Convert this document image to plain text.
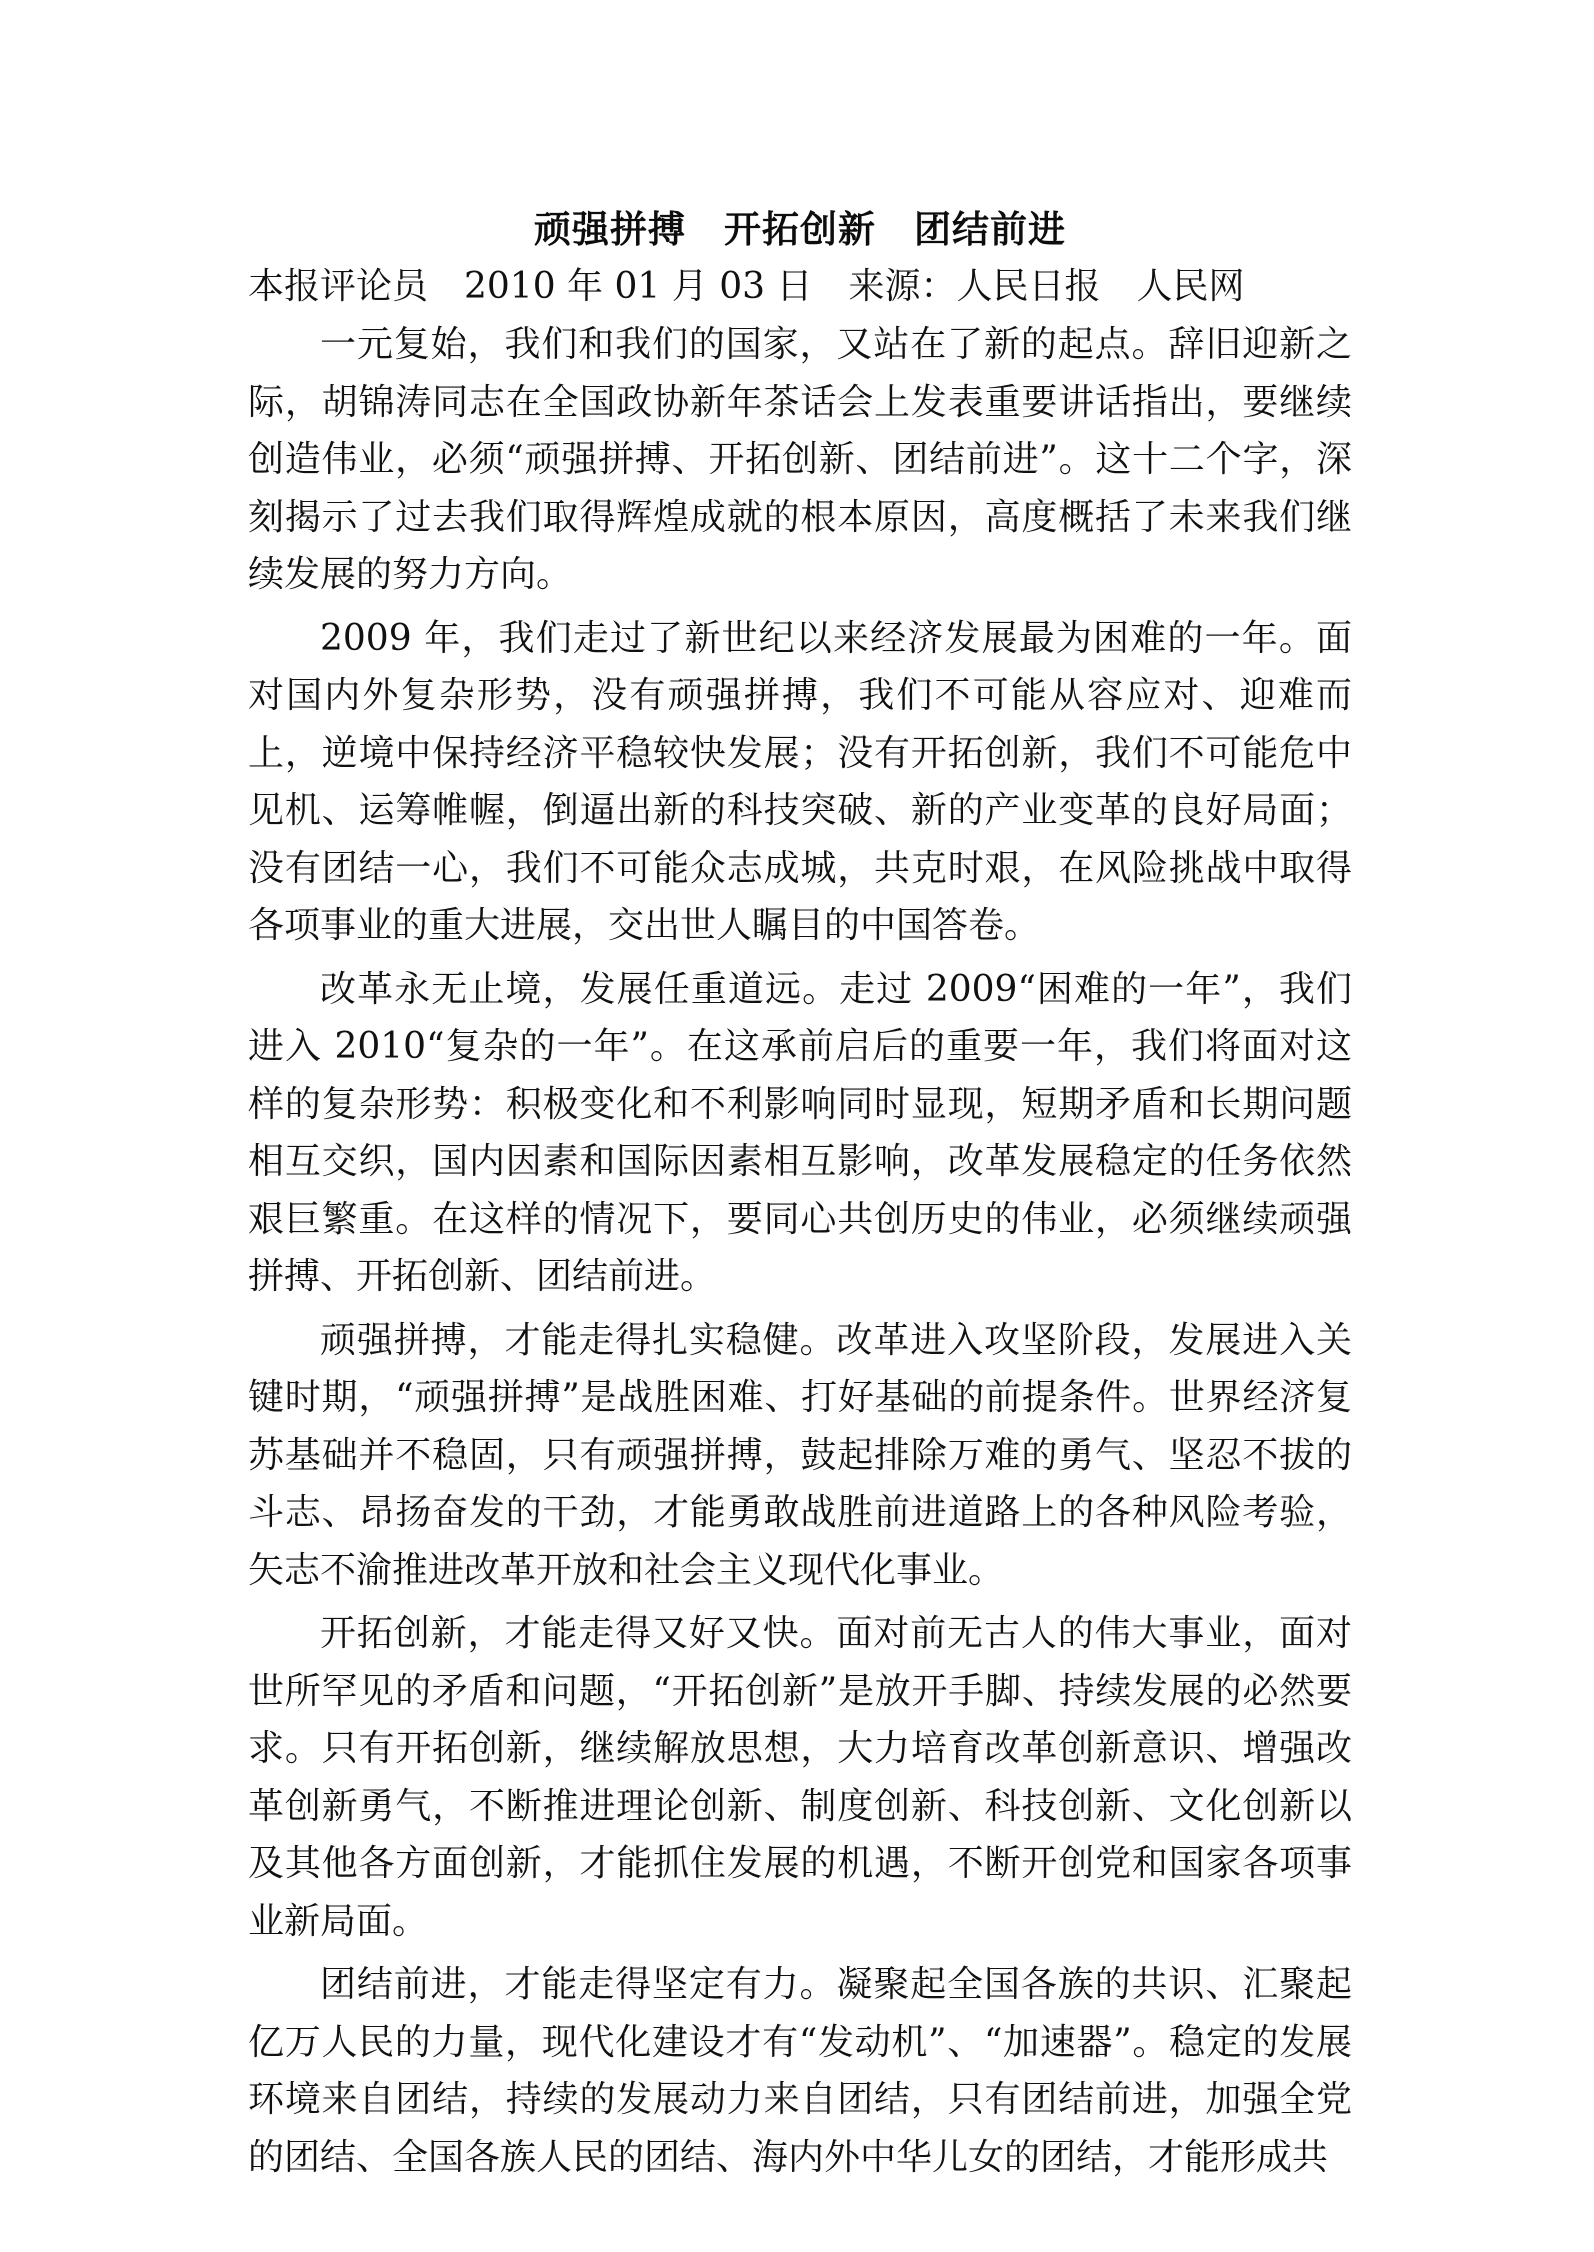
顽强拼搏　开拓创新　团结前进
本报评论员　2010 年 01 月 03 日　来源：人民日报　人民网

一元复始，我们和我们的国家，又站在了新的起点。辞旧迎新之际，胡锦涛同志在全国政协新年茶话会上发表重要讲话指出，要继续创造伟业，必须“顽强拼搏、开拓创新、团结前进”。这十二个字，深刻揭示了过去我们取得辉煌成就的根本原因，高度概括了未来我们继续发展的努力方向。

2009 年，我们走过了新世纪以来经济发展最为困难的一年。面对国内外复杂形势，没有顽强拼搏，我们不可能从容应对、迎难而上，逆境中保持经济平稳较快发展；没有开拓创新，我们不可能危中见机、运筹帷幄，倒逼出新的科技突破、新的产业变革的良好局面；没有团结一心，我们不可能众志成城，共克时艰，在风险挑战中取得各项事业的重大进展，交出世人瞩目的中国答卷。

改革永无止境，发展任重道远。走过 2009“困难的一年”，我们进入 2010“复杂的一年”。在这承前启后的重要一年，我们将面对这样的复杂形势：积极变化和不利影响同时显现，短期矛盾和长期问题相互交织，国内因素和国际因素相互影响，改革发展稳定的任务依然艰巨繁重。在这样的情况下，要同心共创历史的伟业，必须继续顽强拼搏、开拓创新、团结前进。

顽强拼搏，才能走得扎实稳健。改革进入攻坚阶段，发展进入关键时期，“顽强拼搏”是战胜困难、打好基础的前提条件。世界经济复苏基础并不稳固，只有顽强拼搏，鼓起排除万难的勇气、坚忍不拔的斗志、昂扬奋发的干劲，才能勇敢战胜前进道路上的各种风险考验，矢志不渝推进改革开放和社会主义现代化事业。

开拓创新，才能走得又好又快。面对前无古人的伟大事业，面对世所罕见的矛盾和问题，“开拓创新”是放开手脚、持续发展的必然要求。只有开拓创新，继续解放思想，大力培育改革创新意识、增强改革创新勇气，不断推进理论创新、制度创新、科技创新、文化创新以及其他各方面创新，才能抓住发展的机遇，不断开创党和国家各项事业新局面。

团结前进，才能走得坚定有力。凝聚起全国各族的共识、汇聚起亿万人民的力量，现代化建设才有“发动机”、“加速器”。稳定的发展环境来自团结，持续的发展动力来自团结，只有团结前进，加强全党的团结、全国各族人民的团结、海内外中华儿女的团结，才能形成共
